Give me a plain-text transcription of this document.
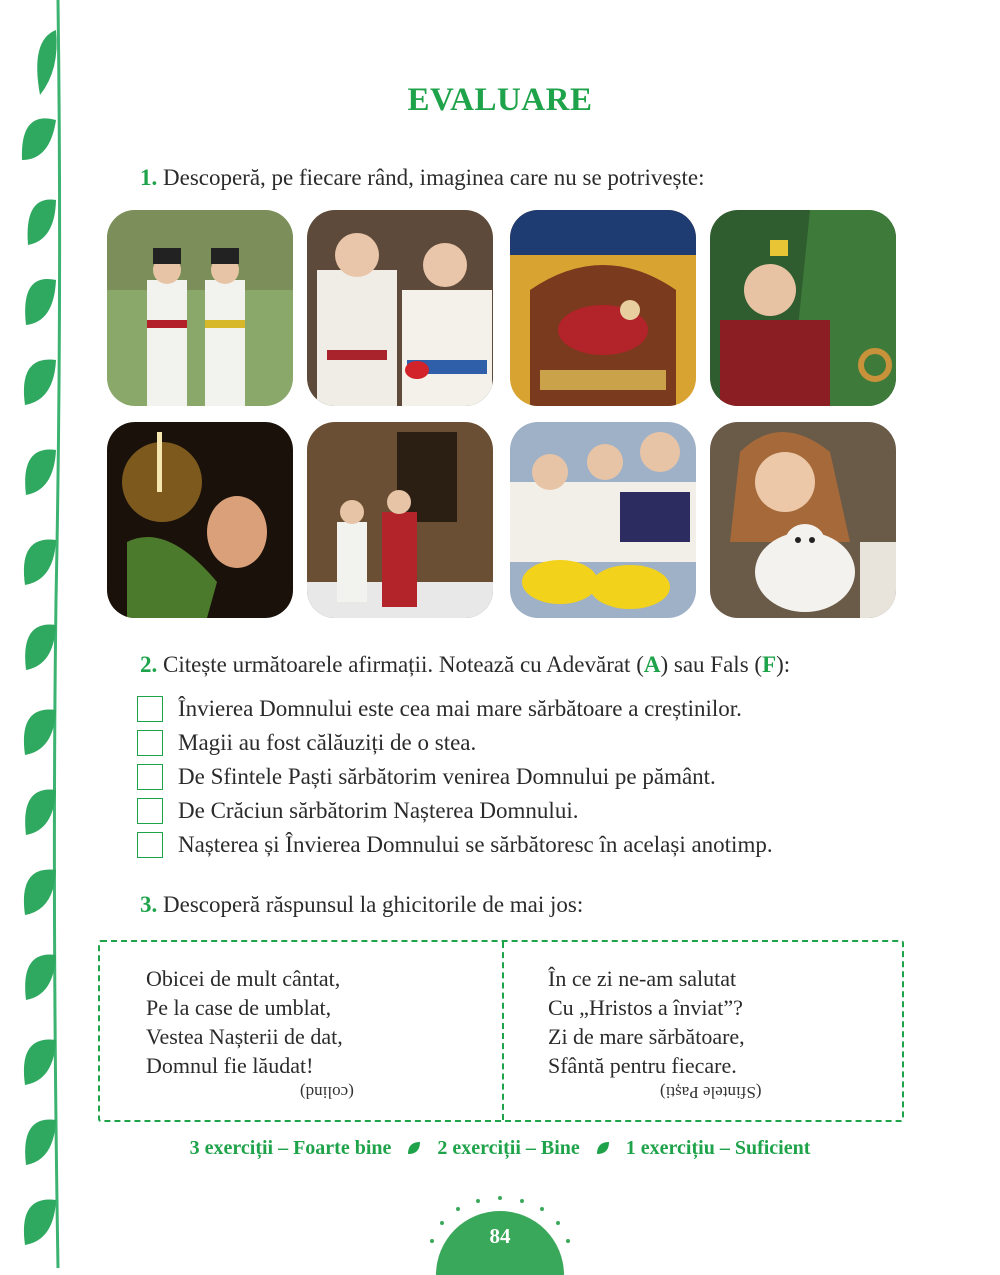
EVALUARE
1. Descoperă, pe fiecare rând, imaginea care nu se potrivește:
2. Citește următoarele afirmații. Notează cu Adevărat (A) sau Fals (F):
Învierea Domnului este cea mai mare sărbătoare a creștinilor.
Magii au fost călăuziți de o stea.
De Sfintele Paști sărbătorim venirea Domnului pe pământ.
De Crăciun sărbătorim Nașterea Domnului.
Nașterea și Învierea Domnului se sărbătoresc în același anotimp.
3. Descoperă răspunsul la ghicitorile de mai jos:
Obicei de mult cântat,
Pe la case de umblat,
Vestea Nașterii de dat,
Domnul fie lăudat!
(colind)
În ce zi ne-am salutat
Cu „Hristos a înviat”?
Zi de mare sărbătoare,
Sfântă pentru fiecare.
(Sfintele Paști)
3 exerciții – Foarte bine 2 exerciții – Bine 1 exercițiu – Suficient
84
